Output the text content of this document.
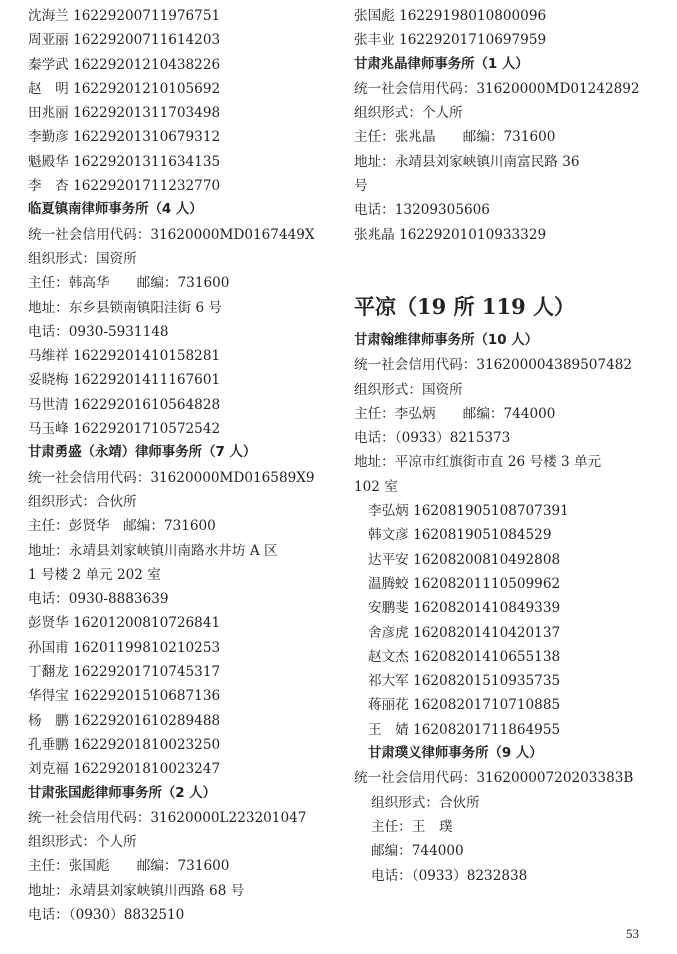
沈海兰 16229200711976751
周亚丽 16229200711614203
秦学武 16229201210438226
赵　明 16229201210105692
田兆丽 16229201311703498
李勤彦 16229201310679312
魁殿华 16229201311634135
李　杏 16229201711232770
临夏镇南律师事务所（4 人）
统一社会信用代码：31620000MD0167449X
组织形式：国资所
主任：韩高华　　邮编：731600
地址：东乡县锁南镇阳洼街 6 号
电话：0930-5931148
马维祥 16229201410158281
妥晓梅 16229201411167601
马世清 16229201610564828
马玉峰 16229201710572542
甘肃勇盛（永靖）律师事务所（7 人）
统一社会信用代码：31620000MD016589X9
组织形式：合伙所
主任：彭贤华　邮编：731600
地址：永靖县刘家峡镇川南路水井坊 A 区
1 号楼 2 单元 202 室
电话：0930-8883639
彭贤华 16201200810726841
孙国甫 16201199810210253
丁翻龙 16229201710745317
华得宝 16229201510687136
杨　鹏 16229201610289488
孔垂鹏 16229201810023250
刘克福 16229201810023247
甘肃张国彪律师事务所（2 人）
统一社会信用代码：31620000L223201047
组织形式：个人所
主任：张国彪　　邮编：731600
地址：永靖县刘家峡镇川西路 68 号
电话：（0930）8832510
张国彪 16229198010800096
张丰业 16229201710697959
甘肃兆晶律师事务所（1 人）
统一社会信用代码：31620000MD01242892
组织形式：个人所
主任：张兆晶　　邮编：731600
地址：永靖县刘家峡镇川南富民路 36
号
电话：13209305606
张兆晶 16229201010933329
平凉（19 所 119 人）
甘肃翰维律师事务所（10 人）
统一社会信用代码：316200004389507482
组织形式：国资所
主任：李弘炳　　邮编：744000
电话：（0933）8215373
地址：平凉市红旗街市直 26 号楼 3 单元
102 室
李弘炳 162081905108707391
韩文彦 1620819051084529
达平安 16208200810492808
温腾蛟 16208201110509962
安鹏斐 16208201410849339
舍彦虎 16208201410420137
赵文杰 16208201410655138
祁大军 16208201510935735
蒋丽花 16208201710710885
王　婧 16208201711864955
甘肃璞义律师事务所（9 人）
统一社会信用代码：31620000720203383B
组织形式：合伙所
主任：王　璞
邮编：744000
电话：（0933）8232838
53
